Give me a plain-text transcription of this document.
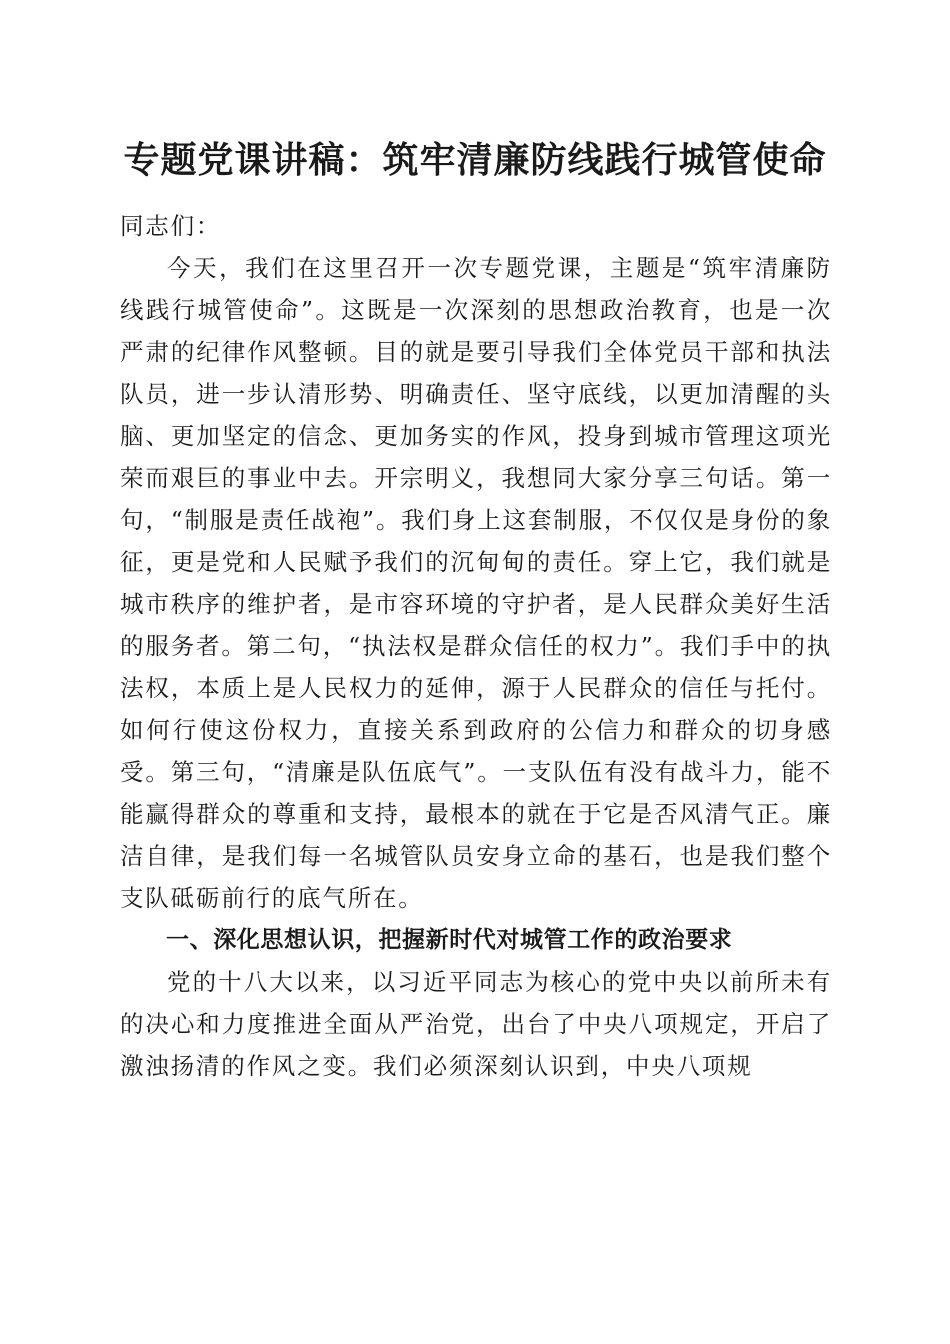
专题党课讲稿：筑牢清廉防线践行城管使命

同志们：

今天，我们在这里召开一次专题党课，主题是“筑牢清廉防线践行城管使命”。这既是一次深刻的思想政治教育，也是一次严肃的纪律作风整顿。目的就是要引导我们全体党员干部和执法队员，进一步认清形势、明确责任、坚守底线，以更加清醒的头脑、更加坚定的信念、更加务实的作风，投身到城市管理这项光荣而艰巨的事业中去。开宗明义，我想同大家分享三句话。第一句，“制服是责任战袍”。我们身上这套制服，不仅仅是身份的象征，更是党和人民赋予我们的沉甸甸的责任。穿上它，我们就是城市秩序的维护者，是市容环境的守护者，是人民群众美好生活的服务者。第二句，“执法权是群众信任的权力”。我们手中的执法权，本质上是人民权力的延伸，源于人民群众的信任与托付。如何行使这份权力，直接关系到政府的公信力和群众的切身感受。第三句，“清廉是队伍底气”。一支队伍有没有战斗力，能不能赢得群众的尊重和支持，最根本的就在于它是否风清气正。廉洁自律，是我们每一名城管队员安身立命的基石，也是我们整个支队砥砺前行的底气所在。

一、深化思想认识，把握新时代对城管工作的政治要求

党的十八大以来，以习近平同志为核心的党中央以前所未有的决心和力度推进全面从严治党，出台了中央八项规定，开启了激浊扬清的作风之变。我们必须深刻认识到，中央八项规
